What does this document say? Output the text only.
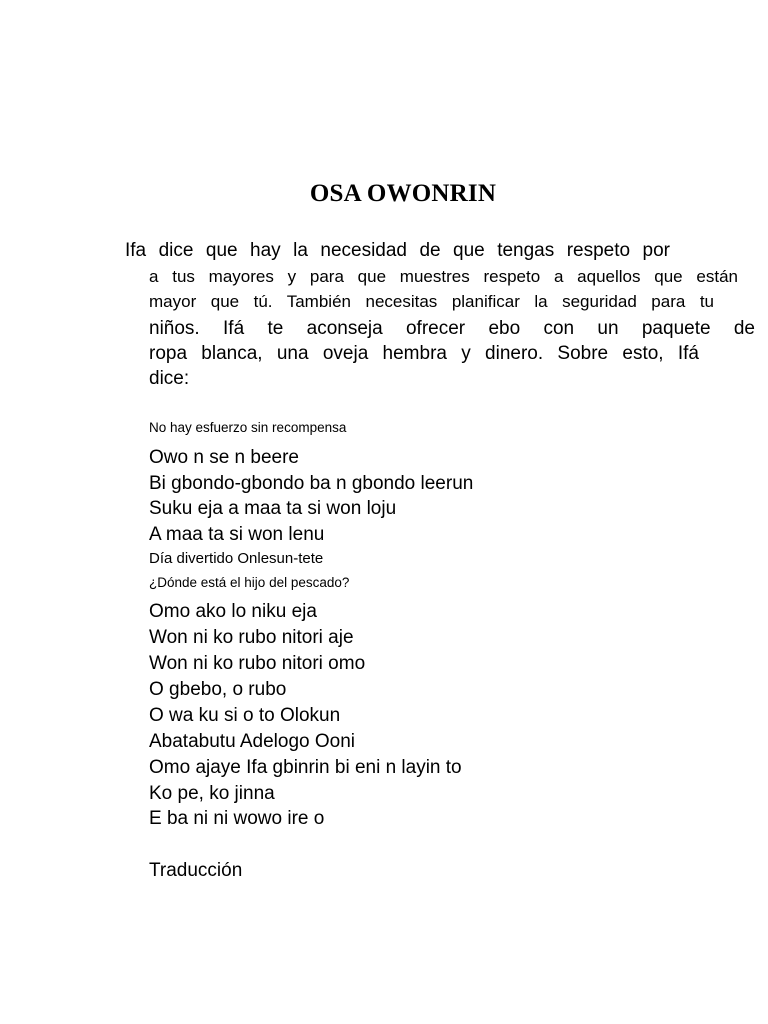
OSA OWONRIN
Ifa dice que hay la necesidad de que tengas respeto por
a tus mayores y para que muestres respeto a aquellos que están
mayor que tú. También necesitas planificar la seguridad para tu
niños. Ifá te aconseja ofrecer ebo con un paquete de
ropa blanca, una oveja hembra y dinero. Sobre esto, Ifá
dice:
No hay esfuerzo sin recompensa
Owo n se n beere
Bi gbondo-gbondo ba n gbondo leerun
Suku eja a maa ta si won loju
A maa ta si won lenu
Día divertido Onlesun-tete
¿Dónde está el hijo del pescado?
Omo ako lo niku eja
Won ni ko rubo nitori aje
Won ni ko rubo nitori omo
O gbebo, o rubo
O wa ku si o to Olokun
Abatabutu Adelogo Ooni
Omo ajaye Ifa gbinrin bi eni n layin to
Ko pe, ko jinna
E ba ni ni wowo ire o
Traducción
